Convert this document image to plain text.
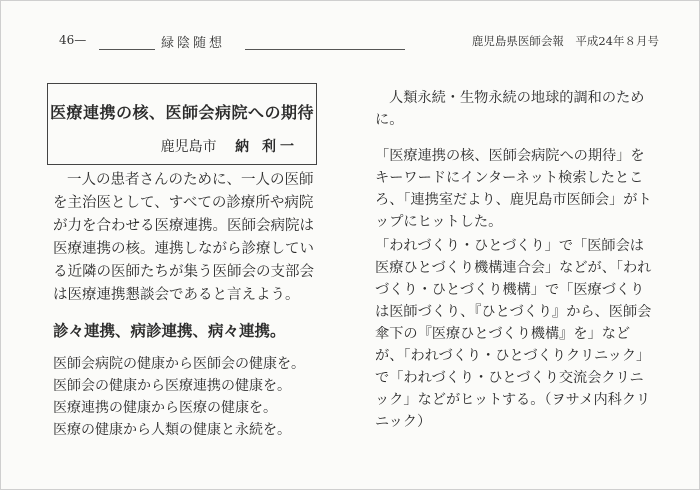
46—	緑陰随想	鹿児島県医師会報　平成24年８月号
医療連携の核、医師会病院への期待
鹿児島市 納 利一

一人の患者さんのために、一人の医師を主治医として、すべての診療所や病院が力を合わせる医療連携。医師会病院は医療連携の核。連携しながら診療している近隣の医師たちが集う医師会の支部会は医療連携懇談会であると言えよう。

診々連携、病診連携、病々連携。

医師会病院の健康から医師会の健康を。

医師会の健康から医療連携の健康を。

医療連携の健康から医療の健康を。

医療の健康から人類の健康と永続を。

人類永続・生物永続の地球的調和のために。

「医療連携の核、医師会病院への期待」をキーワードにインターネット検索したところ、「連携室だより、鹿児島市医師会」がトップにヒットした。

「われづくり・ひとづくり」で「医師会は医療ひとづくり機構連合会」などが、「われづくり・ひとづくり機構」で「医療づくりは医師づくり、『ひとづくり』から、医師会傘下の『医療ひとづくり機構』を」などが、「われづくり・ひとづくりクリニック」で「われづくり・ひとづくり交流会クリニック」などがヒットする。（ヲサメ内科クリニック）
